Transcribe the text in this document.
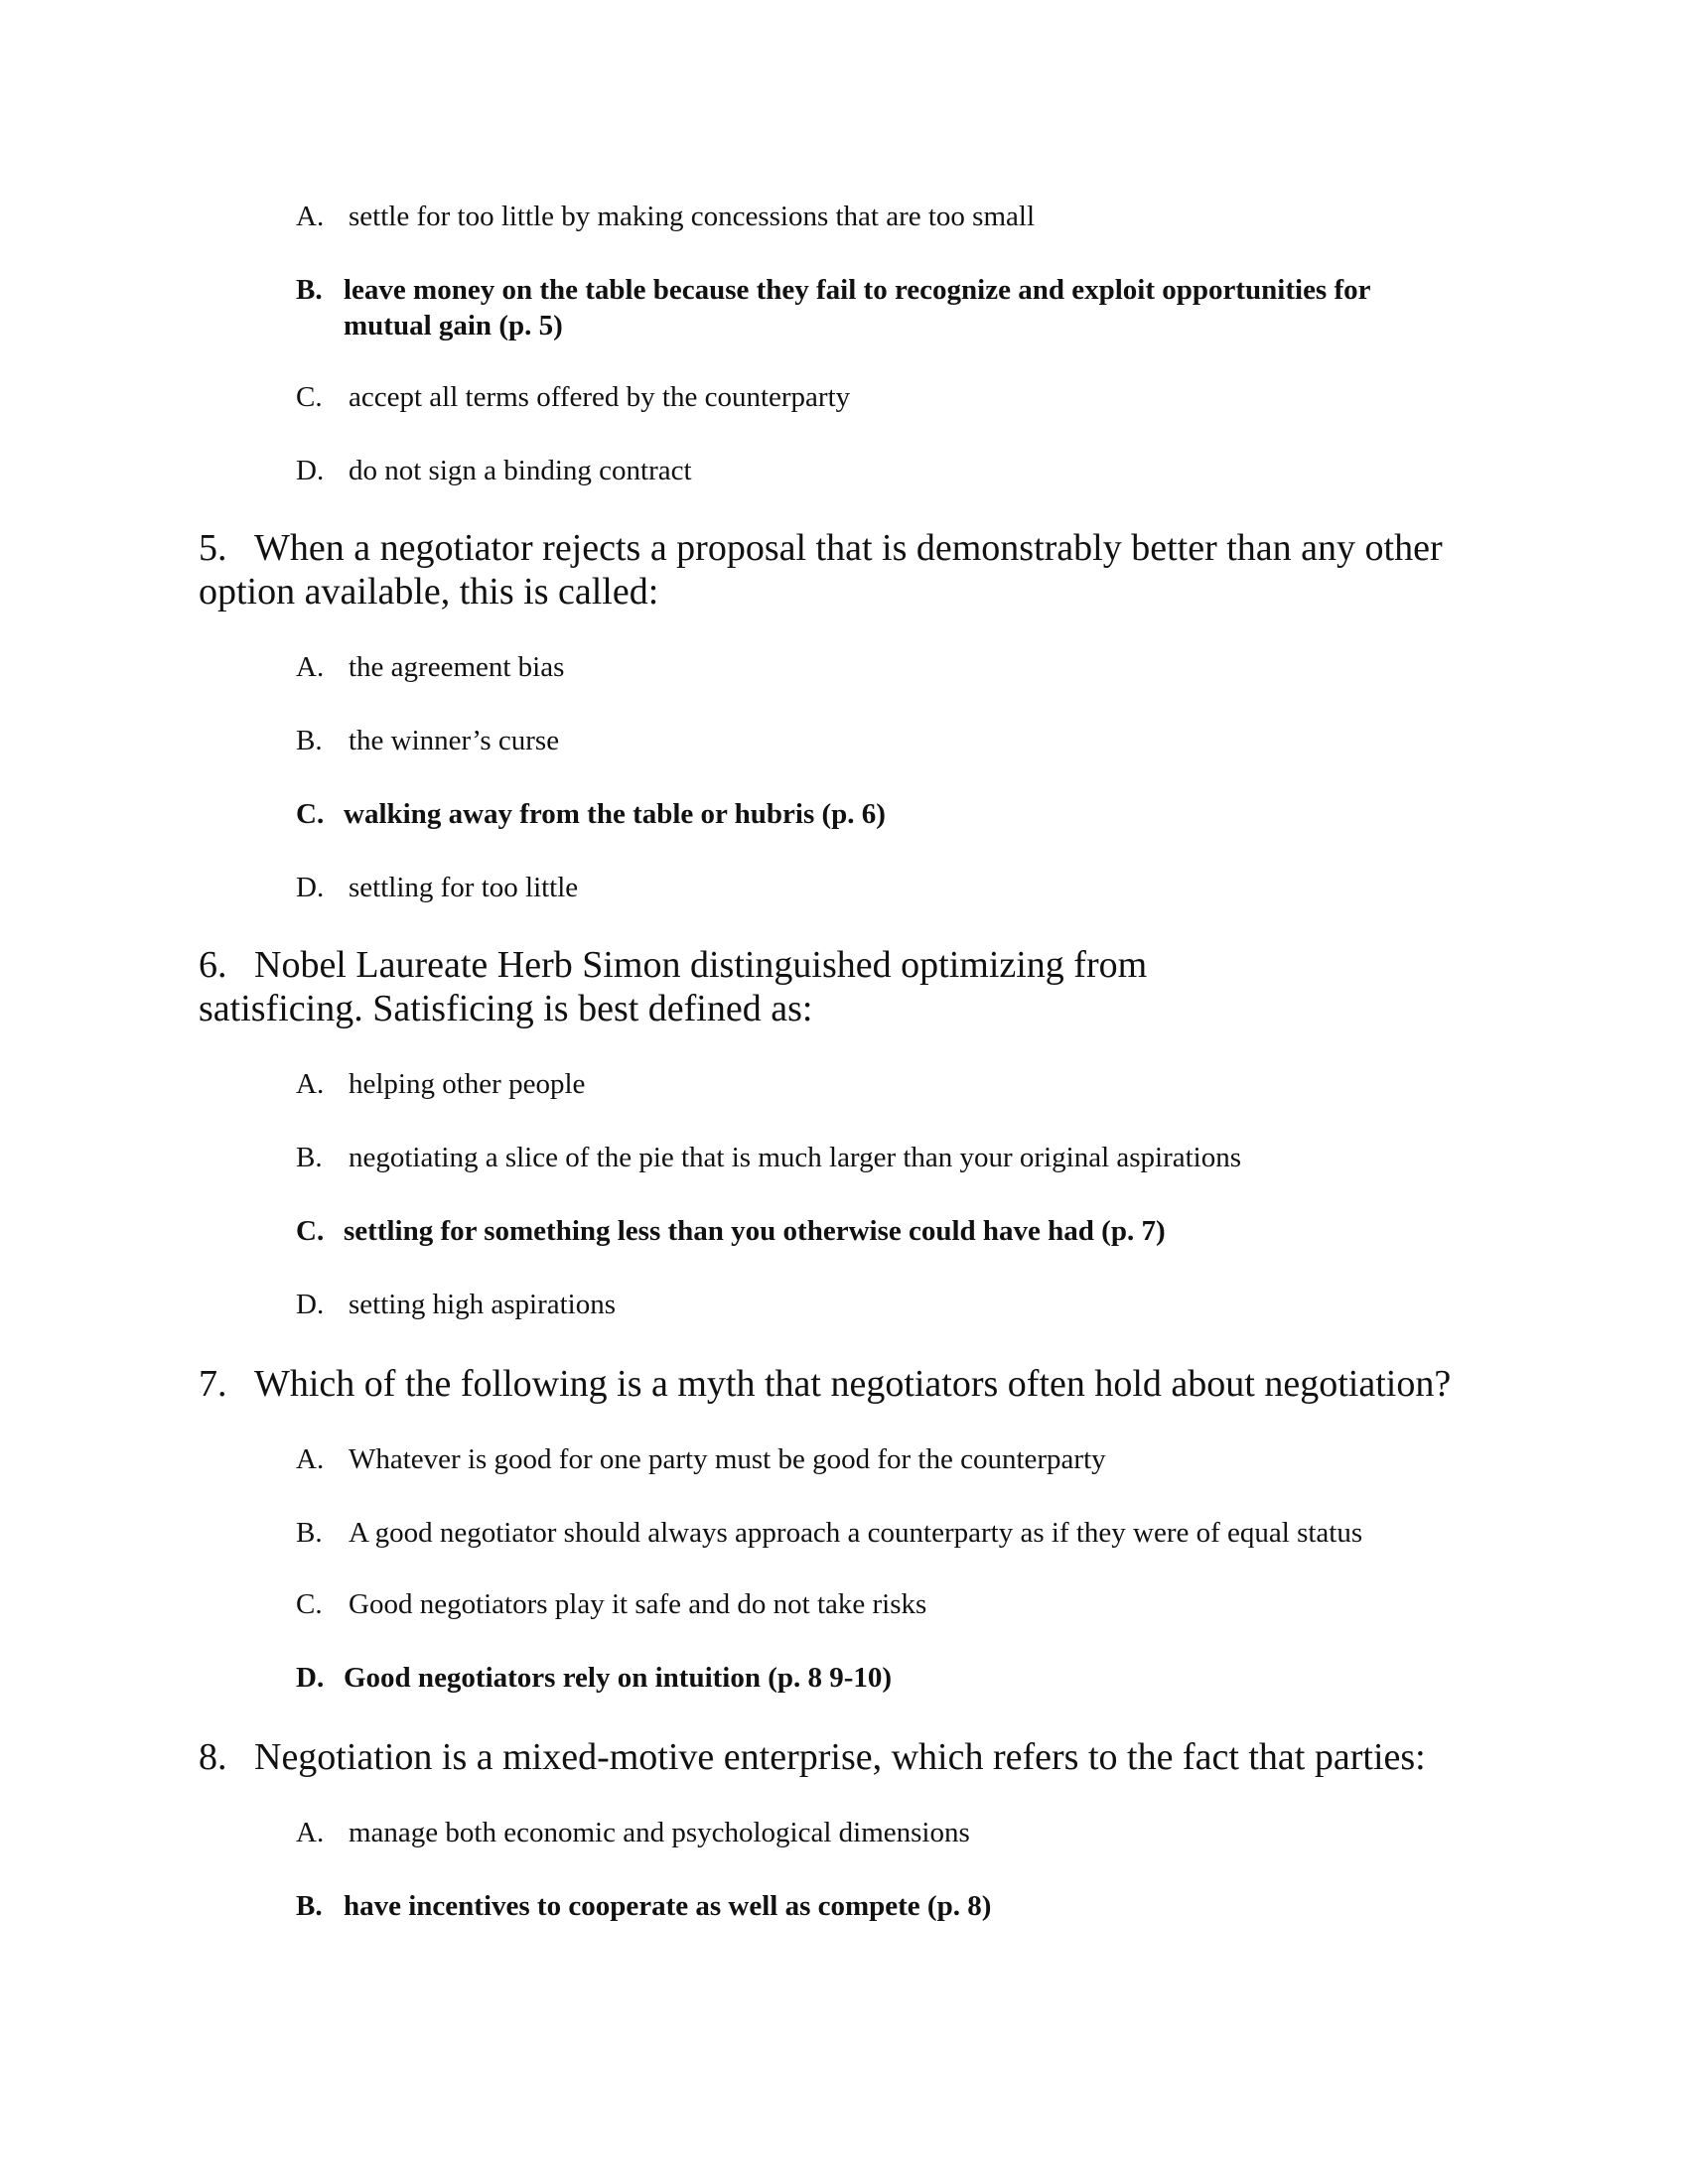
A. settle for too little by making concessions that are too small
B. leave money on the table because they fail to recognize and exploit opportunities for
mutual gain (p. 5)
C. accept all terms offered by the counterparty
D. do not sign a binding contract
5. When a negotiator rejects a proposal that is demonstrably better than any other
option available, this is called:
A. the agreement bias
B. the winner’s curse
C. walking away from the table or hubris (p. 6)
D. settling for too little
6. Nobel Laureate Herb Simon distinguished optimizing from
satisficing. Satisficing is best defined as:
A. helping other people
B. negotiating a slice of the pie that is much larger than your original aspirations
C. settling for something less than you otherwise could have had (p. 7)
D. setting high aspirations
7. Which of the following is a myth that negotiators often hold about negotiation?
A. Whatever is good for one party must be good for the counterparty
B. A good negotiator should always approach a counterparty as if they were of equal status
C. Good negotiators play it safe and do not take risks
D. Good negotiators rely on intuition (p. 8 9-10)
8. Negotiation is a mixed-motive enterprise, which refers to the fact that parties:
A. manage both economic and psychological dimensions
B. have incentives to cooperate as well as compete (p. 8)
